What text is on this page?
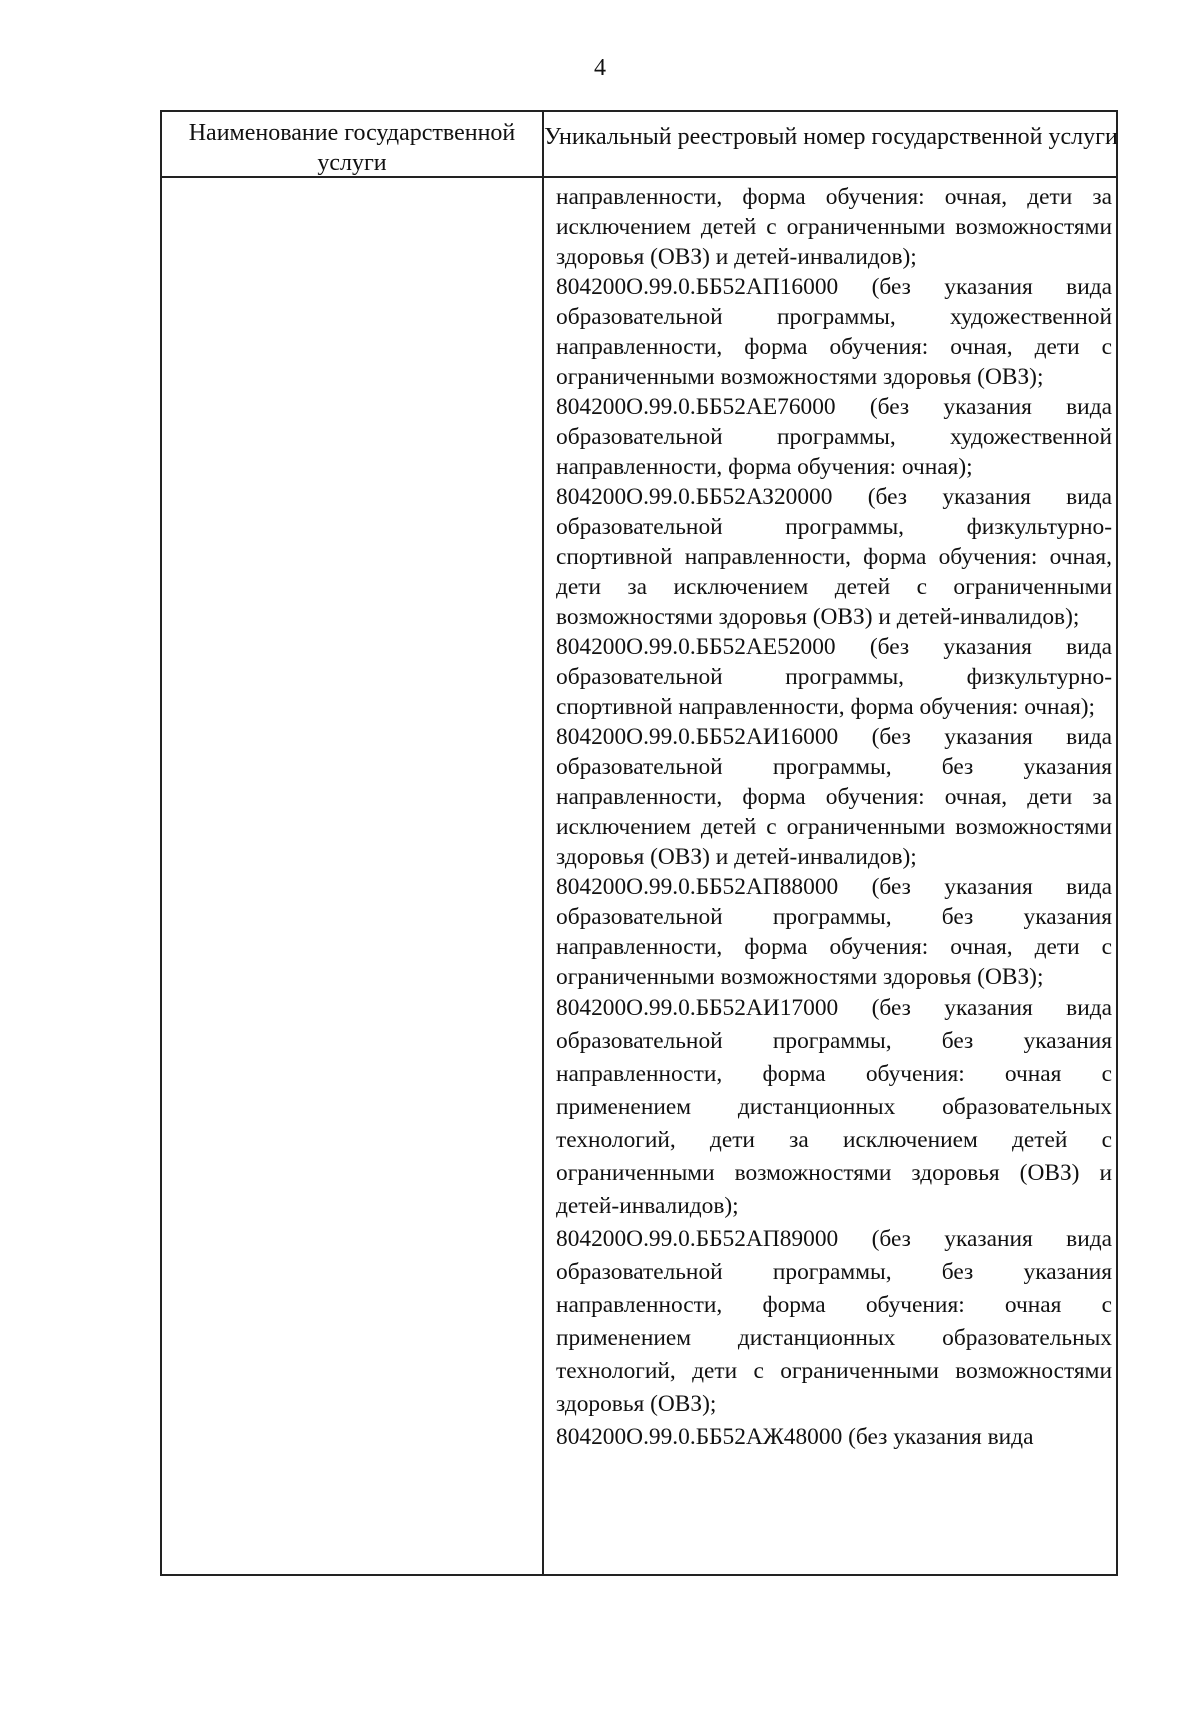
4
Наименование государственной услуги
Уникальный реестровый номер государственной услуги

направленности, форма обучения: очная, дети за исключением детей с ограниченными возможностями здоровья (ОВЗ) и детей-инвалидов);

804200О.99.0.ББ52АП16000 (без указания вида образовательной программы, художественной направленности, форма обучения: очная, дети с ограниченными возможностями здоровья (ОВЗ);

804200О.99.0.ББ52АЕ76000 (без указания вида образовательной программы, художественной направленности, форма обучения: очная);

804200О.99.0.ББ52АЗ20000 (без указания вида образовательной программы, физкультурно-спортивной направленности, форма обучения: очная, дети за исключением детей с ограниченными возможностями здоровья (ОВЗ) и детей-инвалидов);

804200О.99.0.ББ52АЕ52000 (без указания вида образовательной программы, физкультурно-спортивной направленности, форма обучения: очная);

804200О.99.0.ББ52АИ16000 (без указания вида образовательной программы, без указания направленности, форма обучения: очная, дети за исключением детей с ограниченными возможностями здоровья (ОВЗ) и детей-инвалидов);

804200О.99.0.ББ52АП88000 (без указания вида образовательной программы, без указания направленности, форма обучения: очная, дети с ограниченными возможностями здоровья (ОВЗ);

804200О.99.0.ББ52АИ17000 (без указания вида образовательной программы, без указания направленности, форма обучения: очная с применением дистанционных образовательных технологий, дети за исключением детей с ограниченными возможностями здоровья (ОВЗ) и детей-инвалидов);

804200О.99.0.ББ52АП89000 (без указания вида образовательной программы, без указания направленности, форма обучения: очная с применением дистанционных образовательных технологий, дети с ограниченными возможностями здоровья (ОВЗ);

804200О.99.0.ББ52АЖ48000 (без указания вида
